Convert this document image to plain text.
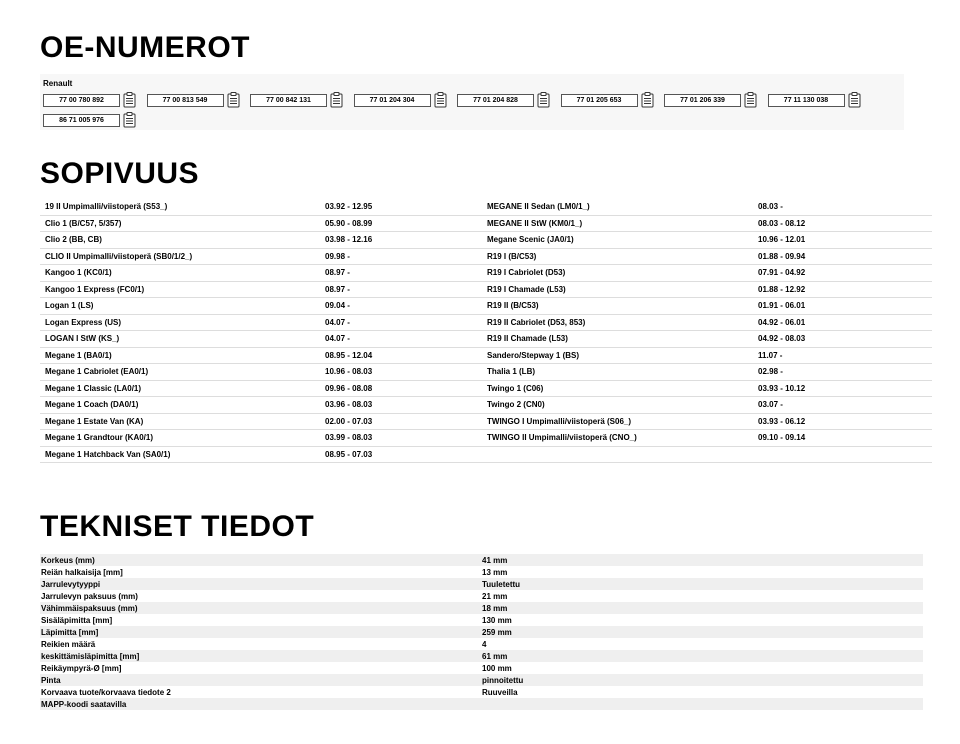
OE-NUMEROT
Renault
77 00 780 892	77 00 813 549	77 00 842 131	77 01 204 304	77 01 204 828	77 01 205 653	77 01 206 339	77 11 130 038
86 71 005 976
SOPIVUUS
19 II Umpimalli/viistoperä (S53_)	03.92 - 12.95	MEGANE II Sedan (LM0/1_)	08.03 -
Clio 1 (B/C57, 5/357)	05.90 - 08.99	MEGANE II StW (KM0/1_)	08.03 - 08.12
Clio 2 (BB, CB)	03.98 - 12.16	Megane Scenic (JA0/1)	10.96 - 12.01
CLIO II Umpimalli/viistoperä (SB0/1/2_)	09.98 -	R19 I (B/C53)	01.88 - 09.94
Kangoo 1 (KC0/1)	08.97 -	R19 I Cabriolet (D53)	07.91 - 04.92
Kangoo 1 Express (FC0/1)	08.97 -	R19 I Chamade (L53)	01.88 - 12.92
Logan 1 (LS)	09.04 -	R19 II (B/C53)	01.91 - 06.01
Logan Express (US)	04.07 -	R19 II Cabriolet (D53, 853)	04.92 - 06.01
LOGAN I StW (KS_)	04.07 -	R19 II Chamade (L53)	04.92 - 08.03
Megane 1 (BA0/1)	08.95 - 12.04	Sandero/Stepway 1 (BS)	11.07 -
Megane 1 Cabriolet (EA0/1)	10.96 - 08.03	Thalia 1 (LB)	02.98 -
Megane 1 Classic (LA0/1)	09.96 - 08.08	Twingo 1 (C06)	03.93 - 10.12
Megane 1 Coach (DA0/1)	03.96 - 08.03	Twingo 2 (CN0)	03.07 -
Megane 1 Estate Van (KA)	02.00 - 07.03	TWINGO I Umpimalli/viistoperä (S06_)	03.93 - 06.12
Megane 1 Grandtour (KA0/1)	03.99 - 08.03	TWINGO II Umpimalli/viistoperä (CNO_)	09.10 - 09.14
Megane 1 Hatchback Van (SA0/1)	08.95 - 07.03
TEKNISET TIEDOT
Korkeus (mm)	41 mm
Reiän halkaisija [mm]	13 mm
Jarrulevytyyppi	Tuuletettu
Jarrulevyn paksuus (mm)	21 mm
Vähimmäispaksuus (mm)	18 mm
Sisäläpimitta [mm]	130 mm
Läpimitta [mm]	259 mm
Reikien määrä	4
keskittämisläpimitta [mm]	61 mm
Reikäympyrä-Ø [mm]	100 mm
Pinta	pinnoitettu
Korvaava tuote/korvaava tiedote 2	Ruuveilla
MAPP-koodi saatavilla
